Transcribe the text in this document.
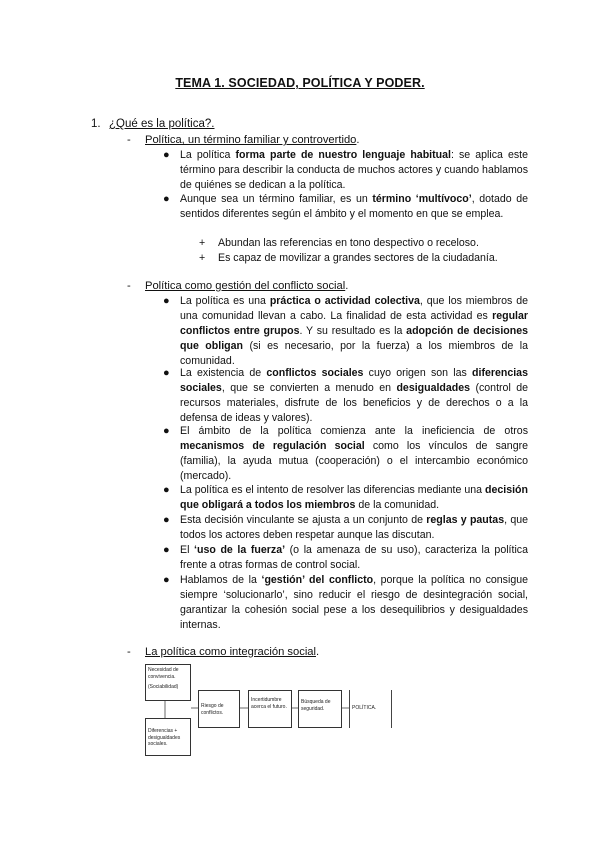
TEMA 1. SOCIEDAD, POLÍTICA Y PODER.
1. ¿Qué es la política?.
- Política, un término familiar y controvertido.
● La política forma parte de nuestro lenguaje habitual: se aplica este término para describir la conducta de muchos actores y cuando hablamos de quiénes se dedican a la política.
● Aunque sea un término familiar, es un término ‘multívoco’, dotado de sentidos diferentes según el ámbito y el momento en que se emplea.
+ Abundan las referencias en tono despectivo o receloso.
+ Es capaz de movilizar a grandes sectores de la ciudadanía.
- Política como gestión del conflicto social.
● La política es una práctica o actividad colectiva, que los miembros de una comunidad llevan a cabo. La finalidad de esta actividad es regular conflictos entre grupos. Y su resultado es la adopción de decisiones que obligan (si es necesario, por la fuerza) a los miembros de la comunidad.
● La existencia de conflictos sociales cuyo origen son las diferencias sociales, que se convierten a menudo en desigualdades (control de recursos materiales, disfrute de los beneficios y de derechos o a la defensa de ideas y valores).
● El ámbito de la política comienza ante la ineficiencia de otros mecanismos de regulación social como los vínculos de sangre (familia), la ayuda mutua (cooperación) o el intercambio económico (mercado).
● La política es el intento de resolver las diferencias mediante una decisión que obligará a todos los miembros de la comunidad.
● Esta decisión vinculante se ajusta a un conjunto de reglas y pautas, que todos los actores deben respetar aunque las discutan.
● El ‘uso de la fuerza’ (o la amenaza de su uso), caracteriza la política frente a otras formas de control social.
● Hablamos de la ‘gestión’ del conflicto, porque la política no consigue siempre ‘solucionarlo’, sino reducir el riesgo de desintegración social, garantizar la cohesión social pese a los desequilibrios y desigualdades internas.
- La política como integración social.
Necesidad de convivencia.
(Sociabilidad)
Diferencias + desigualdades sociales.
Riesgo de conflictos.
Incertidumbre acerca el futuro.
Búsqueda de seguridad.	POLÍTICA.
